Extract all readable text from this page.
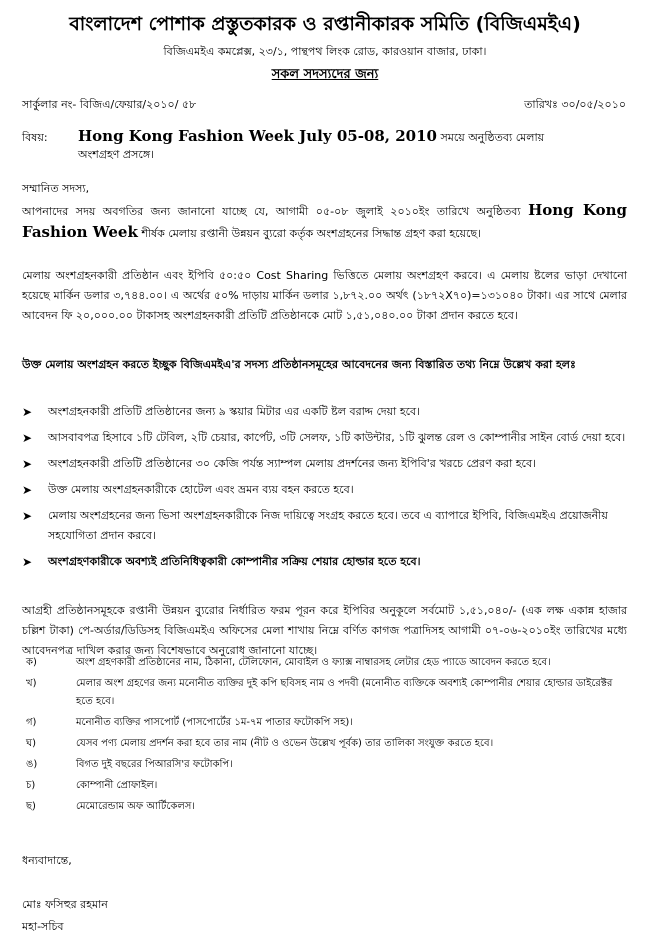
বাংলাদেশ পোশাক প্রস্তুতকারক ও রপ্তানীকারক সমিতি (বিজিএমইএ)
বিজিএমইএ কমপ্লেক্স, ২৩/১, পান্থপথ লিংক রোড, কারওয়ান বাজার, ঢাকা।
সকল সদস্যদের জন্য
সার্কুলার নং- বিজিএ/ফেয়ার/২০১০/ ৫৮	তারিখঃ ৩০/০৫/২০১০
বিষয়: Hong Kong Fashion Week July 05-08, 2010 সময়ে অনুষ্ঠিতব্য মেলায়
অংশগ্রহণ প্রসঙ্গে।
সম্মানিত সদস্য,
আপনাদের সদয় অবগতির জন্য জানানো যাচ্ছে যে, আগামী ০৫-০৮ জুলাই ২০১০ইং তারিখে অনুষ্ঠিতব্য Hong Kong Fashion Week শীর্ষক মেলায় রপ্তানী উন্নয়ন ব্যুরো কর্তৃক অংশগ্রহনের সিদ্ধান্ত গ্রহণ করা হয়েছে।
মেলায় অংশগ্রহনকারী প্রতিষ্ঠান এবং ইপিবি ৫০:৫০ Cost Sharing ভিত্তিতে মেলায় অংশগ্রহণ করবে। এ মেলায় ষ্টলের ভাড়া দেখানো হয়েছে মার্কিন ডলার ৩,৭৪৪.০০। এ অর্থের ৫০% দাড়ায় মার্কিন ডলার ১,৮৭২.০০ অর্থৎ (১৮৭২X৭০)=১৩১০৪০ টাকা। এর সাথে মেলার আবেদন ফি ২০,০০০.০০ টাকাসহ অংশগ্রহনকারী প্রতিটি প্রতিষ্ঠানকে মোট ১,৫১,০৪০.০০ টাকা প্রদান করতে হবে।
উক্ত মেলায় অংশগ্রহন করতে ইচ্ছুক বিজিএমইএ'র সদস্য প্রতিষ্ঠানসমূহের আবেদনের জন্য বিস্তারিত তথ্য নিম্নে উল্লেখ করা হলঃ
➤ অংশগ্রহনকারী প্রতিটি প্রতিষ্ঠানের জন্য ৯ স্কয়ার মিটার এর একটি ষ্টল বরাদ্দ দেয়া হবে।
➤ আসবাবপত্র হিসাবে ১টি টেবিল, ২টি চেয়ার, কার্পেট, ৩টি সেলফ, ১টি কাউন্টার, ১টি ঝুলন্ত রেল ও কোম্পানীর সাইন বোর্ড দেয়া হবে।
➤ অংশগ্রহনকারী প্রতিটি প্রতিষ্ঠানের ৩০ কেজি পর্যন্ত স্যাম্পল মেলায় প্রদর্শনের জন্য ইপিবি'র খরচে প্রেরণ করা হবে।
➤ উক্ত মেলায় অংশগ্রহনকারীকে হোটেল এবং ভ্রমন ব্যয় বহন করতে হবে।
➤ মেলায় অংশগ্রহনের জন্য ভিসা অংশগ্রহনকারীকে নিজ দায়িত্বে সংগ্রহ করতে হবে। তবে এ ব্যাপারে ইপিবি, বিজিএমইএ প্রয়োজনীয় সহযোগিতা প্রদান করবে।
➤ অংশগ্রহণকারীকে অবশ্যই প্রতিনিধিত্বকারী কোম্পানীর সক্রিয় শেয়ার হোল্ডার হতে হবে।
আগ্রহী প্রতিষ্ঠানসমূহকে রপ্তানী উন্নয়ন ব্যুরোর নির্ধারিত ফরম পূরন করে ইপিবির অনুকূলে সর্বমোট ১,৫১,০৪০/- (এক লক্ষ একান্ন হাজার চল্লিশ টাকা) পে-অর্ডার/ডিডিসহ বিজিএমইএ অফিসের মেলা শাখায় নিম্নে বর্ণিত কাগজ পত্রাদিসহ আগামী ০৭-০৬-২০১০ইং তারিখের মধ্যে আবেদনপত্র দাখিল করার জন্য বিশেষভাবে অনুরোধ জানানো যাচ্ছে।
ক)	অংশ গ্রহণকারী প্রতিষ্ঠানের নাম, ঠিকানা, টেলিফোন, মোবাইল ও ফ্যাক্স নাম্বারসহ লেটার হেড প্যাডে আবেদন করতে হবে।
খ)	মেলার অংশ গ্রহণের জন্য মনোনীত ব্যক্তির দুই কপি ছবিসহ নাম ও পদবী (মনোনীত ব্যক্তিকে অবশ্যই কোম্পানীর শেয়ার হোল্ডার ডাইরেক্টর হতে হবে।
গ)	মনোনীত ব্যক্তির পাসপোর্ট (পাসপোর্টের ১ম-৭ম পাতার ফটোকপি সহ)।
ঘ)	যেসব পণ্য মেলায় প্রদর্শন করা হবে তার নাম (নীট ও ওভেন উল্লেখ পূর্বক) তার তালিকা সংযুক্ত করতে হবে।
ঙ)	বিগত দুই বছরের পিআরসি'র ফটোকপি।
চ)	কোম্পানী প্রোফাইল।
ছ)	মেমোরেন্ডাম অফ আর্টিকেলস।
ধন্যবাদান্তে,
মোঃ ফসিহুর রহমান
মহা-সচিব
